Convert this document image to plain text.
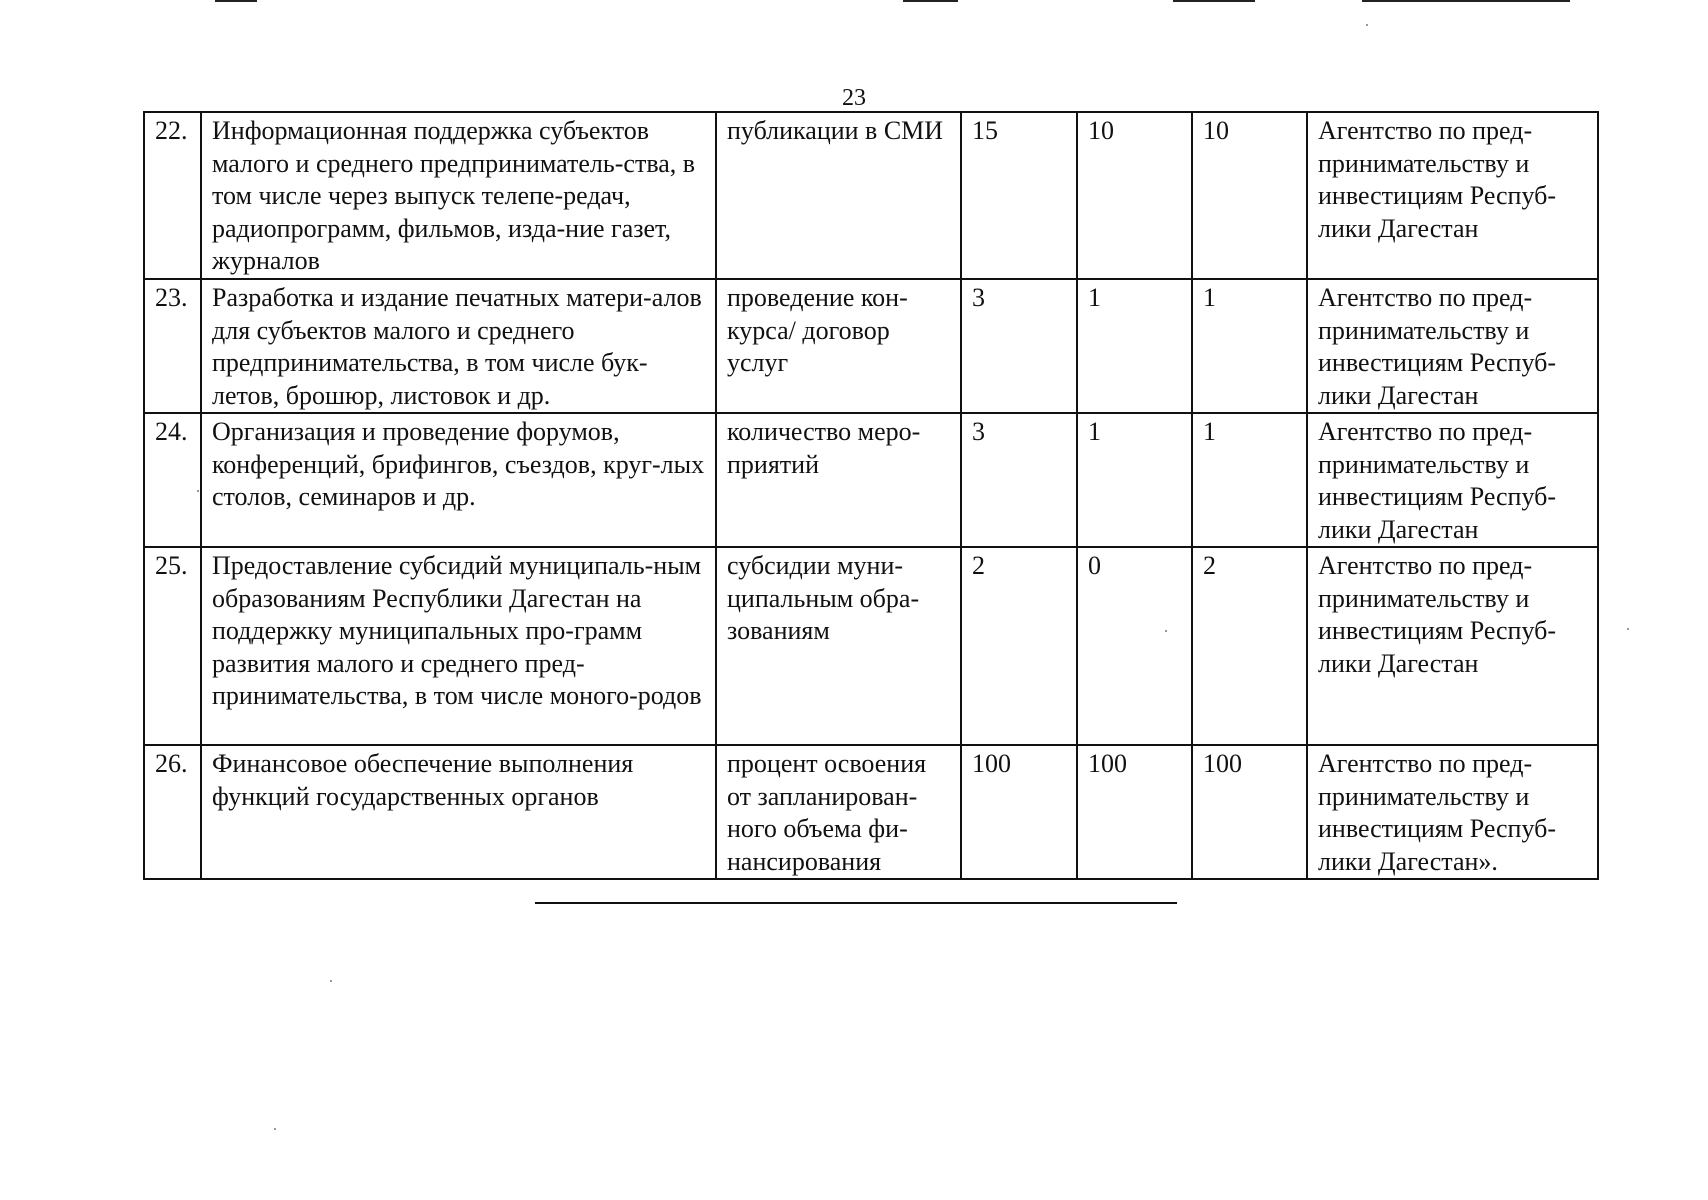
23
22.	Информационная поддержка субъектов малого и среднего предприниматель-ства, в том числе через выпуск телепе-редач, радиопрограмм, фильмов, изда-ние газет, журналов	публикации в СМИ	15	10	10	Агентство по пред-принимательству и инвестициям Респуб-лики Дагестан
23.	Разработка и издание печатных матери-алов для субъектов малого и среднего предпринимательства, в том числе бук-летов, брошюр, листовок и др.	проведение кон-курса/ договор услуг	3	1	1	Агентство по пред-принимательству и инвестициям Респуб-лики Дагестан
24.	Организация и проведение форумов, конференций, брифингов, съездов, круг-лых столов, семинаров и др.	количество меро-приятий	3	1	1	Агентство по пред-принимательству и инвестициям Респуб-лики Дагестан
25.	Предоставление субсидий муниципаль-ным образованиям Республики Дагестан на поддержку муниципальных про-грамм развития малого и среднего пред-принимательства, в том числе моного-родов	субсидии муни-ципальным обра-зованиям	2	0	2	Агентство по пред-принимательству и инвестициям Респуб-лики Дагестан
26.	Финансовое обеспечение выполнения функций государственных органов	процент освоения от запланирован-ного объема фи-нансирования	100	100	100	Агентство по пред-принимательству и инвестициям Респуб-лики Дагестан».
